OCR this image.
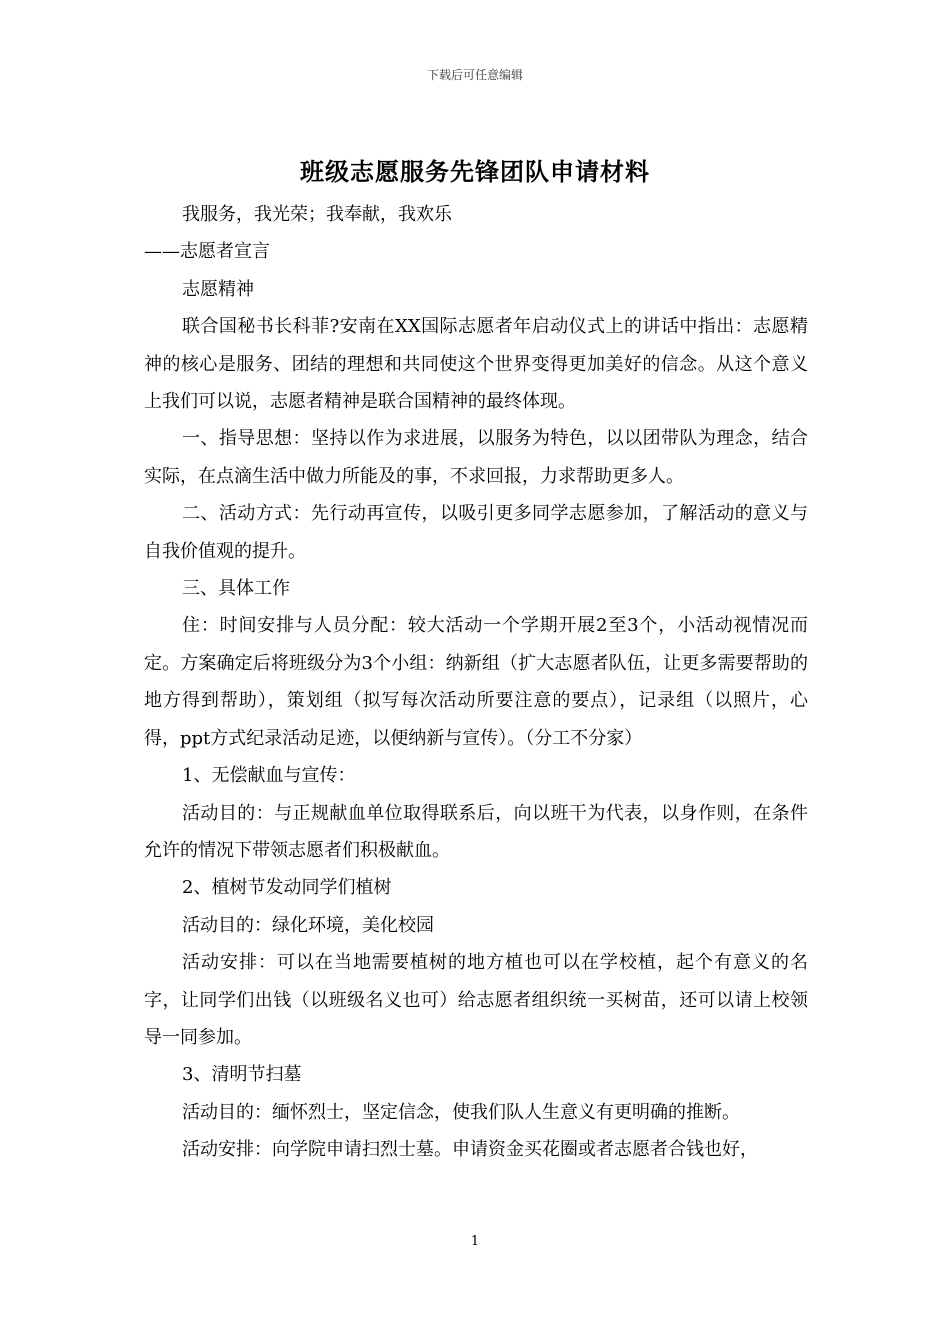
下载后可任意编辑
班级志愿服务先锋团队申请材料

我服务，我光荣；我奉献，我欢乐

——志愿者宣言

志愿精神

联合国秘书长科菲?安南在XX国际志愿者年启动仪式上的讲话中指出：志愿精神的核心是服务、团结的理想和共同使这个世界变得更加美好的信念。从这个意义上我们可以说，志愿者精神是联合国精神的最终体现。

一、指导思想：坚持以作为求进展，以服务为特色，以以团带队为理念，结合实际，在点滴生活中做力所能及的事，不求回报，力求帮助更多人。

二、活动方式：先行动再宣传，以吸引更多同学志愿参加，了解活动的意义与自我价值观的提升。

三、具体工作

住：时间安排与人员分配：较大活动一个学期开展2至3个，小活动视情况而定。方案确定后将班级分为3个小组：纳新组（扩大志愿者队伍，让更多需要帮助的地方得到帮助），策划组（拟写每次活动所要注意的要点），记录组（以照片，心得，ppt方式纪录活动足迹，以便纳新与宣传）。（分工不分家）

1、无偿献血与宣传：

活动目的：与正规献血单位取得联系后，向以班干为代表，以身作则，在条件允许的情况下带领志愿者们积极献血。

2、植树节发动同学们植树

活动目的：绿化环境，美化校园

活动安排：可以在当地需要植树的地方植也可以在学校植，起个有意义的名字，让同学们出钱（以班级名义也可）给志愿者组织统一买树苗，还可以请上校领导一同参加。

3、清明节扫墓

活动目的：缅怀烈士，坚定信念，使我们队人生意义有更明确的推断。

活动安排：向学院申请扫烈士墓。申请资金买花圈或者志愿者合钱也好，

1
